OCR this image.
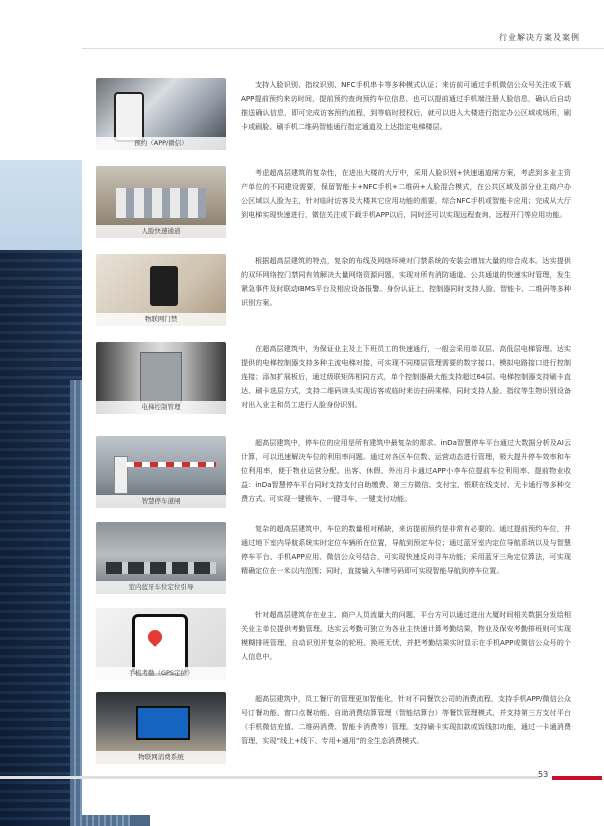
行业解决方案及案例
预约（APP/微信）
支持人脸识别、指纹识别、NFC手机串卡等多种模式认证；来访前可通过手机微信公众号关注或下载APP提前预约来访时间，提前预约查询预约车位信息，也可以提前通过手机端注册人脸信息，确认后自动推送确认信息，即可完成访客预约流程，到等临时授权后，就可以进入大楼进行指定办公区域或场所，刷卡或刷脸、刷手机二维码智能通行指定通道及上达指定电梯楼层。
人脸快速通道
考虑超高层建筑的复杂性，在进出大楼的大厅中，采用人脸识别+快速通道闸方案，考虑到多业主资产单位的不同建设需要，保留智能卡+NFC手机+二维码+人脸混合模式，在公共区域及部分业主商户办公区域以人脸为主，针对临时访客及大楼其它应用功能的需要，综合NFC手机或智能卡应用；完成从大厅到电梯实现快速进行，微信关注或下载手机APP以后，同时还可以实现远程查询、远程开门等应用功能。
物联网门禁
根据超高层建筑的特点，复杂的布线及网络环境对门禁系统的安装会增加大量的综合成本。达实提供的双环网络控门禁同有效解决大量网络资源问题，实现对所有消防通道、公共通道的快速实时管理，发生紧急事件及时联动IBMS平台及相应设备报警。身份认证上，控制器同时支持人脸、智能卡、二维码等多种识别方案。
电梯控制管理
在超高层建筑中，为保证业主及上下班员工的快速通行，一般会采用单双层、高低层电梯管理。达实提供的电梯控制器支持多种主流电梯对接，可实现不同楼层管理需要的数字接口、模拟电路接口进行控制连接；添加扩展板后，通过级联矩阵相同方式，单个控制器最大能支持超过64层。电梯控制器支持刷卡直达、刷卡选层方式，支持二维码读头实现访客或临时来访扫码乘梯，同时支持人脸、指纹等生物识别设备对出入业主和员工进行人脸身份识别。
智慧停车道闸
超高层建筑中，停车位的应用是所有建筑中最复杂的需求。inDa智慧停车平台通过大数据分析及AI云计算，可以迅速解决车位的利用率问题。通过对各区车位数、运营动态进行管理，极大提升停车效率和车位利用率，便于物业运营分配。出客、休假、外出月卡通过APP小李车位提前车位利用率、提前物业收益：inDa智慧停车平台同时支持支付自助缴费、第三方微信、支付宝、银联在线支付、无卡通行等多种交费方式。可实现一键锁车、一键寻车、一键支付功能。
室内蓝牙车位定位引导
复杂的超高层建筑中，车位的数量相对稀缺，来访提前预约是非常有必要的。通过提前预约车位，并通过地下室内导航系统实时定位车辆所在位置，导航到预定车位；通过蓝牙室内定位导航系统以及与智慧停车平台、手机APP应用、微信公众号结合，可实现快速反向寻车功能；采用蓝牙三角定位算法，可实现精确定位在一米以内范围；同时，直接输入车牌号码即可实现智能导航到停车位置。
手机考勤（GPS定位）
针对超高层建筑存在业主、商户人员流量大的问题，平台方可以通过进出大厦时间相关数据分发给相关业主单位提供考勤管理。达实云考勤可独立为各业主快速计算考勤结果，物业及保安考勤排班则可实现模糊排班管理，自动识别并复杂的轮班、换班无忧，并把考勤结果实时显示在手机APP或微信公众号的个人信息中。
物联网消费系统
超高层建筑中，员工餐厅的管理更加智能化，针对不同餐饮公司的消费流程，支持手机APP/微信公众号订餐功能、窗口点餐功能、自助消费结算管理（智能结算台）等餐饮管理模式，并支持第三方支付平台（手机微信充值、二维码消费、智能卡消费等）管理。支持刷卡实现扣款或饭线扣功能，通过一卡通消费管理，实现“线上+线下、专用+通用”的全生态消费模式。
53
